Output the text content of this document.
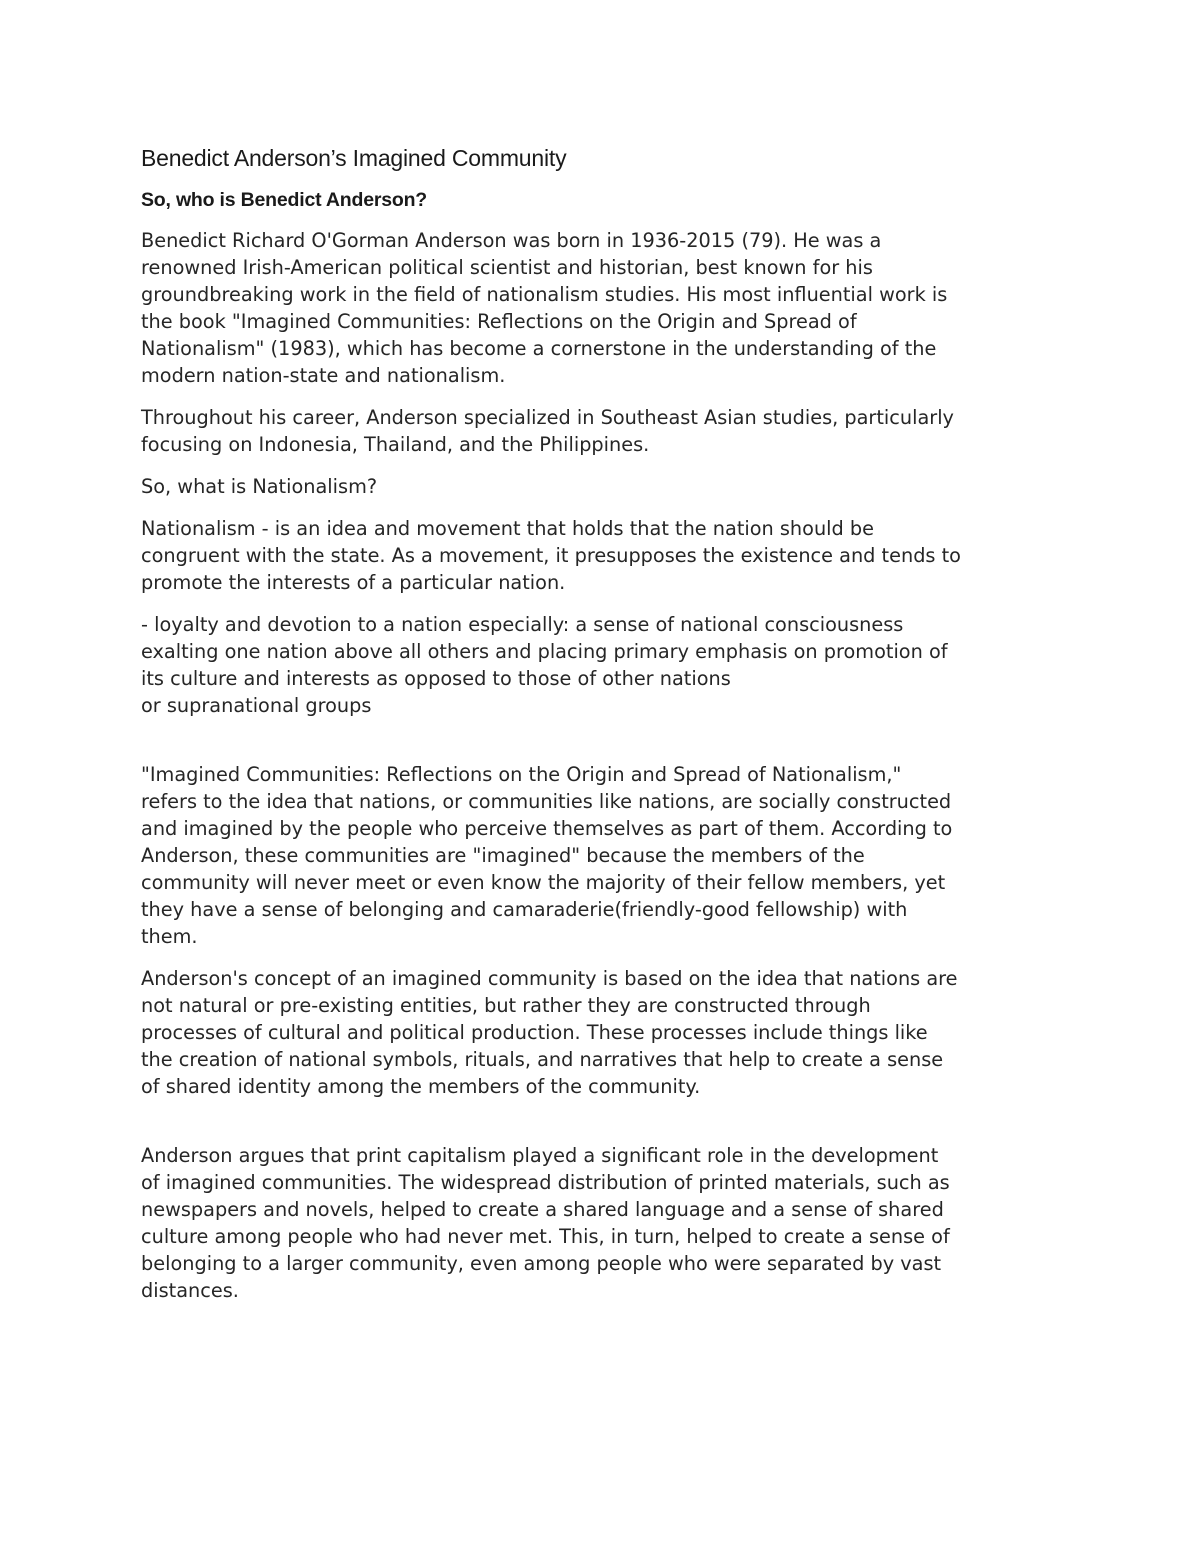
Benedict Anderson’s Imagined Community
So, who is Benedict Anderson?

Benedict Richard O'Gorman Anderson was born in 1936-2015 (79). He was a
renowned Irish-American political scientist and historian, best known for his
groundbreaking work in the field of nationalism studies. His most influential work is
the book "Imagined Communities: Reflections on the Origin and Spread of
Nationalism" (1983), which has become a cornerstone in the understanding of the
modern nation-state and nationalism.

Throughout his career, Anderson specialized in Southeast Asian studies, particularly
focusing on Indonesia, Thailand, and the Philippines.

So, what is Nationalism?

Nationalism - is an idea and movement that holds that the nation should be
congruent with the state. As a movement, it presupposes the existence and tends to
promote the interests of a particular nation.

- loyalty and devotion to a nation especially: a sense of national consciousness
exalting one nation above all others and placing primary emphasis on promotion of
its culture and interests as opposed to those of other nations
or supranational groups

"Imagined Communities: Reflections on the Origin and Spread of Nationalism,"
refers to the idea that nations, or communities like nations, are socially constructed
and imagined by the people who perceive themselves as part of them. According to
Anderson, these communities are "imagined" because the members of the
community will never meet or even know the majority of their fellow members, yet
they have a sense of belonging and camaraderie(friendly-good fellowship) with
them.

Anderson's concept of an imagined community is based on the idea that nations are
not natural or pre-existing entities, but rather they are constructed through
processes of cultural and political production. These processes include things like
the creation of national symbols, rituals, and narratives that help to create a sense
of shared identity among the members of the community.

Anderson argues that print capitalism played a significant role in the development
of imagined communities. The widespread distribution of printed materials, such as
newspapers and novels, helped to create a shared language and a sense of shared
culture among people who had never met. This, in turn, helped to create a sense of
belonging to a larger community, even among people who were separated by vast
distances.
